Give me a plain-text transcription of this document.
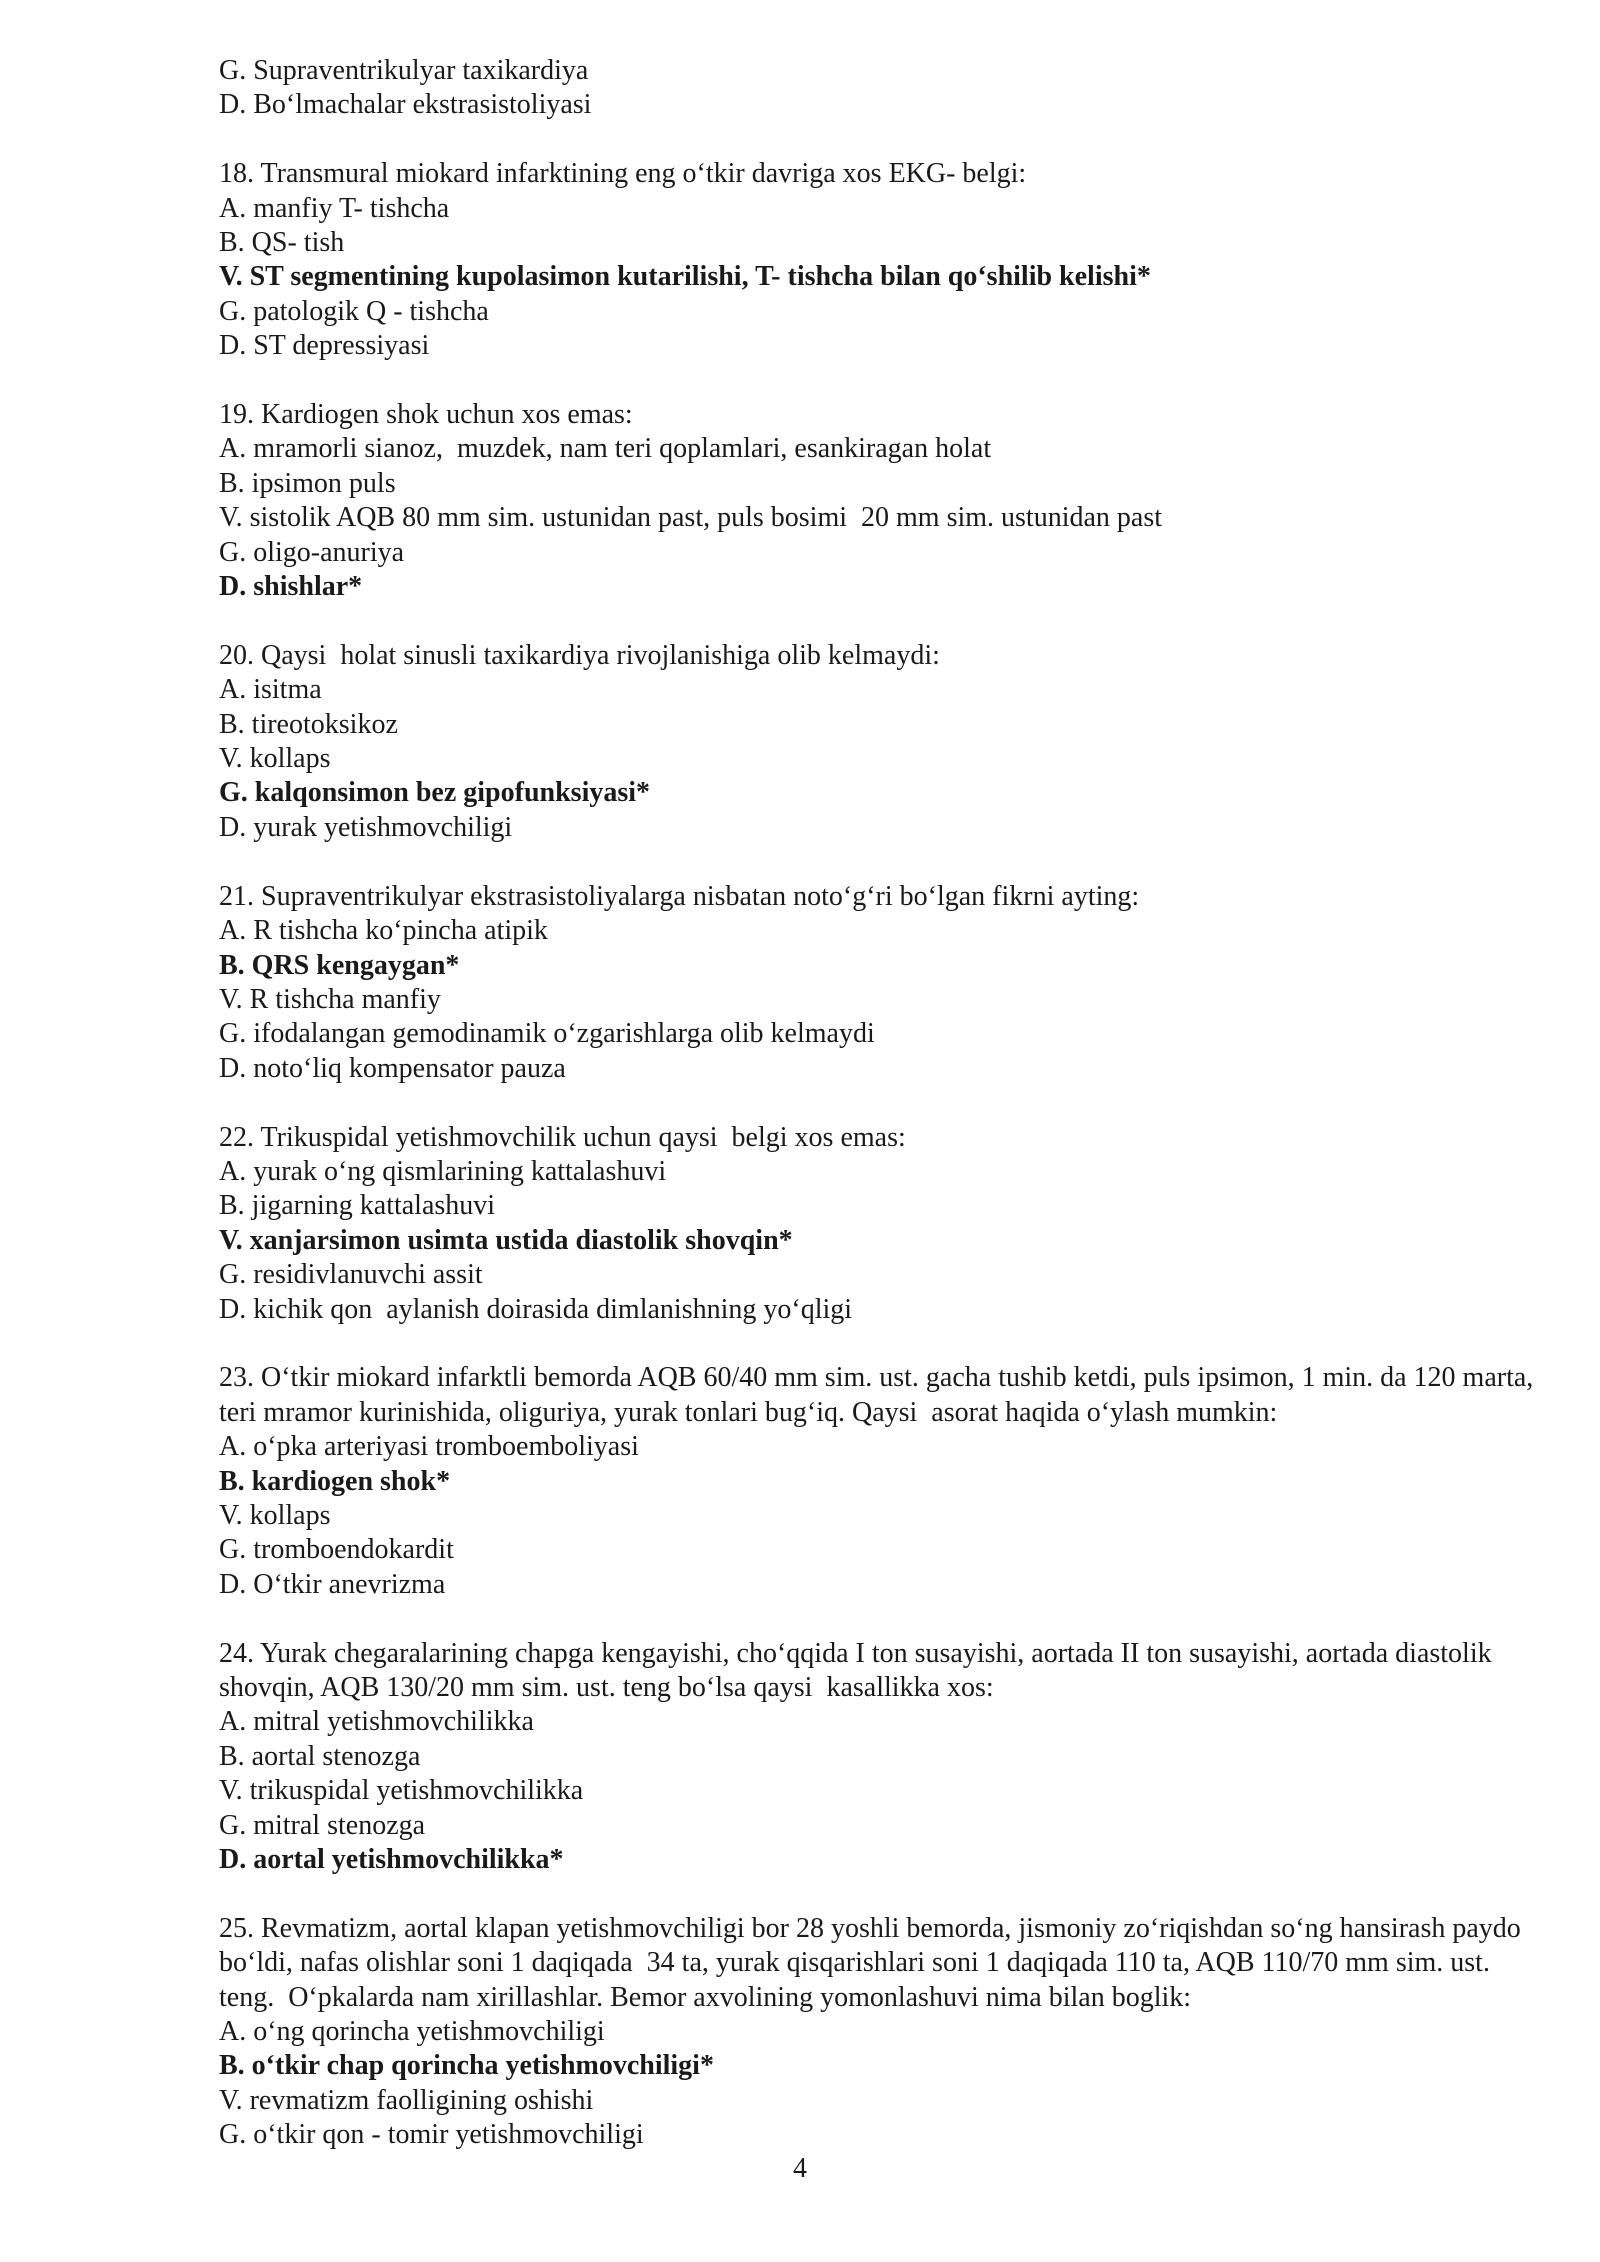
G. Supraventrikulyar taxikardiya
D. Bo‘lmachalar ekstrasistoliyasi
18. Transmural miokard infarktining eng o‘tkir davriga xos EKG- belgi:
A. manfiy T- tishcha
B. QS- tish
V. ST segmentining kupolasimon kutarilishi, T- tishcha bilan qo‘shilib kelishi*
G. patologik Q - tishcha
D. ST depressiyasi
19. Kardiogen shok uchun xos emas:
A. mramorli sianoz,  muzdek, nam teri qoplamlari, esankiragan holat
B. ipsimon puls
V. sistolik AQB 80 mm sim. ustunidan past, puls bosimi  20 mm sim. ustunidan past
G. oligo-anuriya
D. shishlar*
20. Qaysi  holat sinusli taxikardiya rivojlanishiga olib kelmaydi:
A. isitma
B. tireotoksikoz
V. kollaps
G. kalqonsimon bez gipofunksiyasi*
D. yurak yetishmovchiligi
21. Supraventrikulyar ekstrasistoliyalarga nisbatan noto‘g‘ri bo‘lgan fikrni ayting:
A. R tishcha ko‘pincha atipik
B. QRS kengaygan*
V. R tishcha manfiy
G. ifodalangan gemodinamik o‘zgarishlarga olib kelmaydi
D. noto‘liq kompensator pauza
22. Trikuspidal yetishmovchilik uchun qaysi  belgi xos emas:
A. yurak o‘ng qismlarining kattalashuvi
B. jigarning kattalashuvi
V. xanjarsimon usimta ustida diastolik shovqin*
G. residivlanuvchi assit
D. kichik qon  aylanish doirasida dimlanishning yo‘qligi
23. O‘tkir miokard infarktli bemorda AQB 60/40 mm sim. ust. gacha tushib ketdi, puls ipsimon, 1 min. da 120 marta, teri mramor kurinishida, oliguriya, yurak tonlari bug‘iq. Qaysi  asorat haqida o‘ylash mumkin:
A. o‘pka arteriyasi tromboemboliyasi
B. kardiogen shok*
V. kollaps
G. tromboendokardit
D. O‘tkir anevrizma
24. Yurak chegaralarining chapga kengayishi, cho‘qqida I ton susayishi, aortada II ton susayishi, aortada diastolik shovqin, AQB 130/20 mm sim. ust. teng bo‘lsa qaysi  kasallikka xos:
A. mitral yetishmovchilikka
B. aortal stenozga
V. trikuspidal yetishmovchilikka
G. mitral stenozga
D. aortal yetishmovchilikka*
25. Revmatizm, aortal klapan yetishmovchiligi bor 28 yoshli bemorda, jismoniy zo‘riqishdan so‘ng hansirash paydo bo‘ldi, nafas olishlar soni 1 daqiqada  34 ta, yurak qisqarishlari soni 1 daqiqada 110 ta, AQB 110/70 mm sim. ust. teng.  O‘pkalarda nam xirillashlar. Bemor axvolining yomonlashuvi nima bilan boglik:
A. o‘ng qorincha yetishmovchiligi
B. o‘tkir chap qorincha yetishmovchiligi*
V. revmatizm faolligining oshishi
G. o‘tkir qon - tomir yetishmovchiligi
4
